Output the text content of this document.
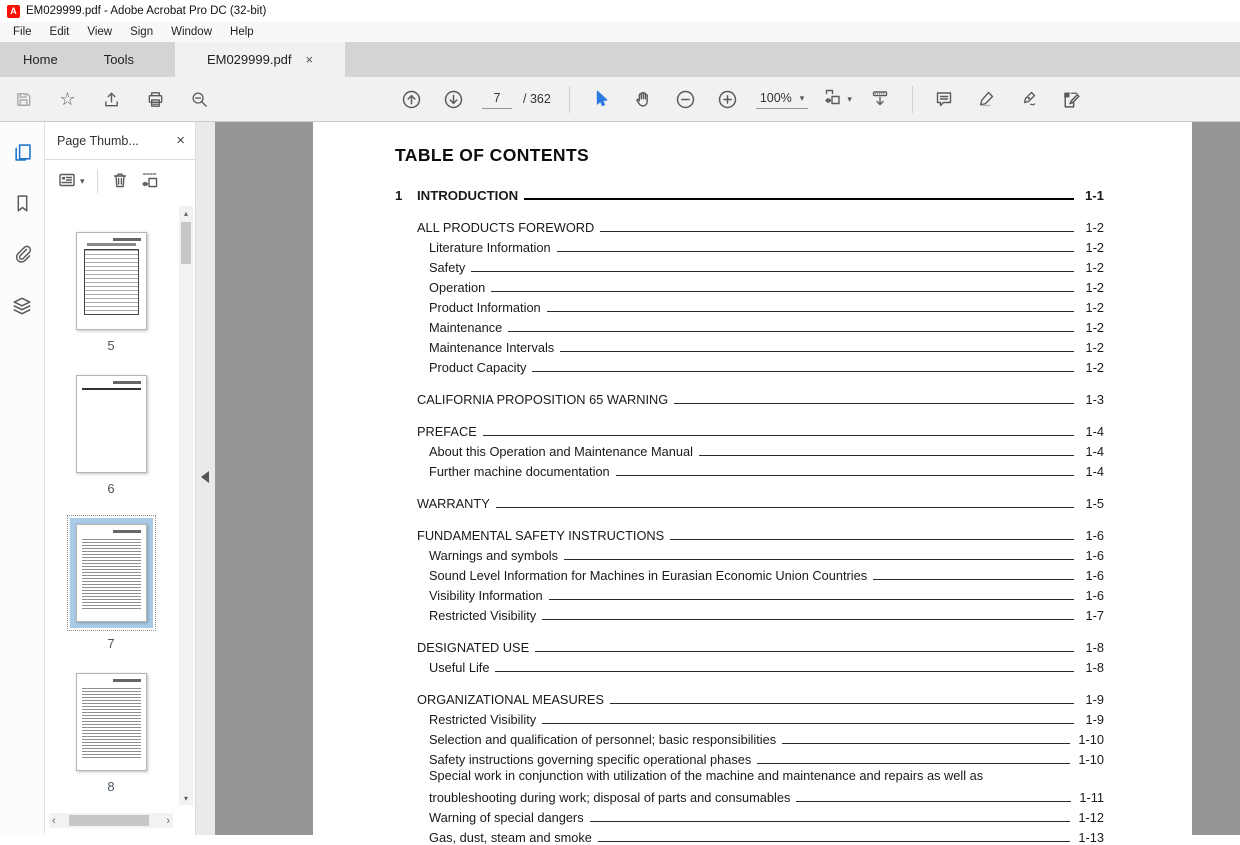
A EM029999.pdf - Adobe Acrobat Pro DC (32-bit)
File	Edit	View	Sign	Window	Help
Home	Tools	EM029999.pdf ×
☆	7	/ 362	100% ▾	▾
Page Thumb... ×
▾
5
6
7
8
▴
▾
‹	›
TABLE OF CONTENTS
1	INTRODUCTION	1-1
ALL PRODUCTS FOREWORD	1-2
Literature Information	1-2
Safety	1-2
Operation	1-2
Product Information	1-2
Maintenance	1-2
Maintenance Intervals	1-2
Product Capacity	1-2
CALIFORNIA PROPOSITION 65 WARNING	1-3
PREFACE	1-4
About this Operation and Maintenance Manual	1-4
Further machine documentation	1-4
WARRANTY	1-5
FUNDAMENTAL SAFETY INSTRUCTIONS	1-6
Warnings and symbols	1-6
Sound Level Information for Machines in Eurasian Economic Union Countries	1-6
Visibility Information	1-6
Restricted Visibility	1-7
DESIGNATED USE	1-8
Useful Life	1-8
ORGANIZATIONAL MEASURES	1-9
Restricted Visibility	1-9
Selection and qualification of personnel; basic responsibilities	1-10
Safety instructions governing specific operational phases	1-10
Special work in conjunction with utilization of the machine and maintenance and repairs as well as
troubleshooting during work; disposal of parts and consumables	1-11
Warning of special dangers	1-12
Gas, dust, steam and smoke	1-13
